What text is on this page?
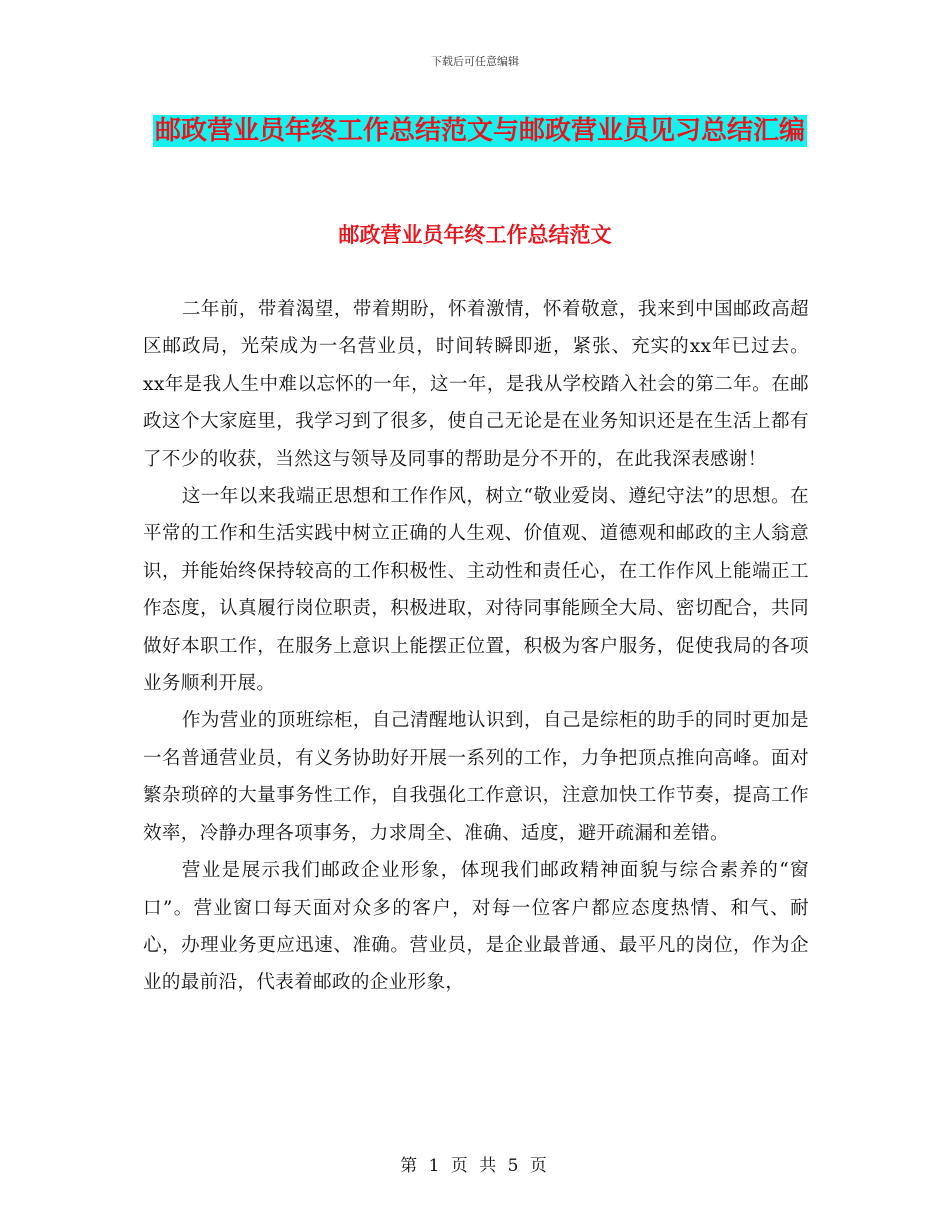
下载后可任意编辑
邮政营业员年终工作总结范文与邮政营业员见习总结汇编
邮政营业员年终工作总结范文

二年前，带着渴望，带着期盼，怀着激情，怀着敬意，我来到中国邮政高超区邮政局，光荣成为一名营业员，时间转瞬即逝，紧张、充实的xx年已过去。xx年是我人生中难以忘怀的一年，这一年，是我从学校踏入社会的第二年。在邮政这个大家庭里，我学习到了很多，使自己无论是在业务知识还是在生活上都有了不少的收获，当然这与领导及同事的帮助是分不开的，在此我深表感谢！

这一年以来我端正思想和工作作风，树立“敬业爱岗、遵纪守法”的思想。在平常的工作和生活实践中树立正确的人生观、价值观、道德观和邮政的主人翁意识，并能始终保持较高的工作积极性、主动性和责任心，在工作作风上能端正工作态度，认真履行岗位职责，积极进取，对待同事能顾全大局、密切配合，共同做好本职工作，在服务上意识上能摆正位置，积极为客户服务，促使我局的各项业务顺利开展。

作为营业的顶班综柜，自己清醒地认识到，自己是综柜的助手的同时更加是一名普通营业员，有义务协助好开展一系列的工作，力争把顶点推向高峰。面对繁杂琐碎的大量事务性工作，自我强化工作意识，注意加快工作节奏，提高工作效率，冷静办理各项事务，力求周全、准确、适度，避开疏漏和差错。

营业是展示我们邮政企业形象，体现我们邮政精神面貌与综合素养的“窗口”。营业窗口每天面对众多的客户，对每一位客户都应态度热情、和气、耐心，办理业务更应迅速、准确。营业员，是企业最普通、最平凡的岗位，作为企业的最前沿，代表着邮政的企业形象，

第 1 页 共 5 页
